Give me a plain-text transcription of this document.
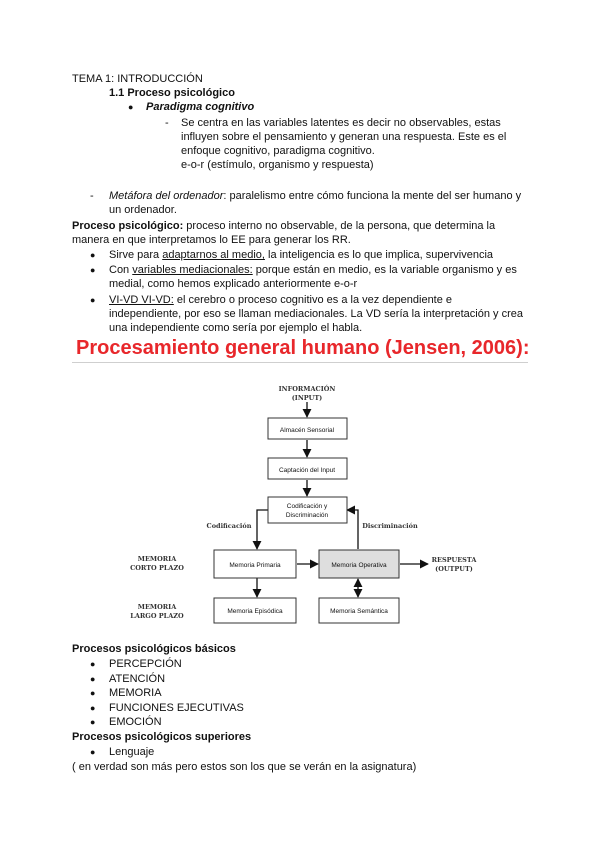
TEMA 1: INTRODUCCIÓN
1.1 Proceso psicológico
● Paradigma cognitivo
- Se centra en las variables latentes es decir no observables, estas
influyen sobre el pensamiento y generan una respuesta. Este es el
enfoque cognitivo, paradigma cognitivo.
e-o-r (estímulo, organismo y respuesta)
- Metáfora del ordenador: paralelismo entre cómo funciona la mente del ser humano y
un ordenador.
Proceso psicológico: proceso interno no observable, de la persona, que determina la
manera en que interpretamos lo EE para generar los RR.
● Sirve para adaptarnos al medio, la inteligencia es lo que implica, supervivencia
● Con variables mediacionales: porque están en medio, es la variable organismo y es
medial, como hemos explicado anteriormente e-o-r
● VI-VD VI-VD: el cerebro o proceso cognitivo es a la vez dependiente e
independiente, por eso se llaman mediacionales. La VD sería la interpretación y crea
una independiente como sería por ejemplo el habla.
Procesamiento general humano (Jensen, 2006):
Almacén Sensorial
Captación del Input
Codificación y
Discriminación
Memoria Primaria	Memoria Operativa
Memoria Episódica	Memoria Semántica
INFORMACIÓN
(INPUT)
Codificación	Discriminación
MEMORIA
CORTO PLAZO
MEMORIA
LARGO PLAZO
RESPUESTA
(OUTPUT)
Procesos psicológicos básicos
● PERCEPCIÓN
● ATENCIÓN
● MEMORIA
● FUNCIONES EJECUTIVAS
● EMOCIÓN
Procesos psicológicos superiores
● Lenguaje
( en verdad son más pero estos son los que se verán en la asignatura)
